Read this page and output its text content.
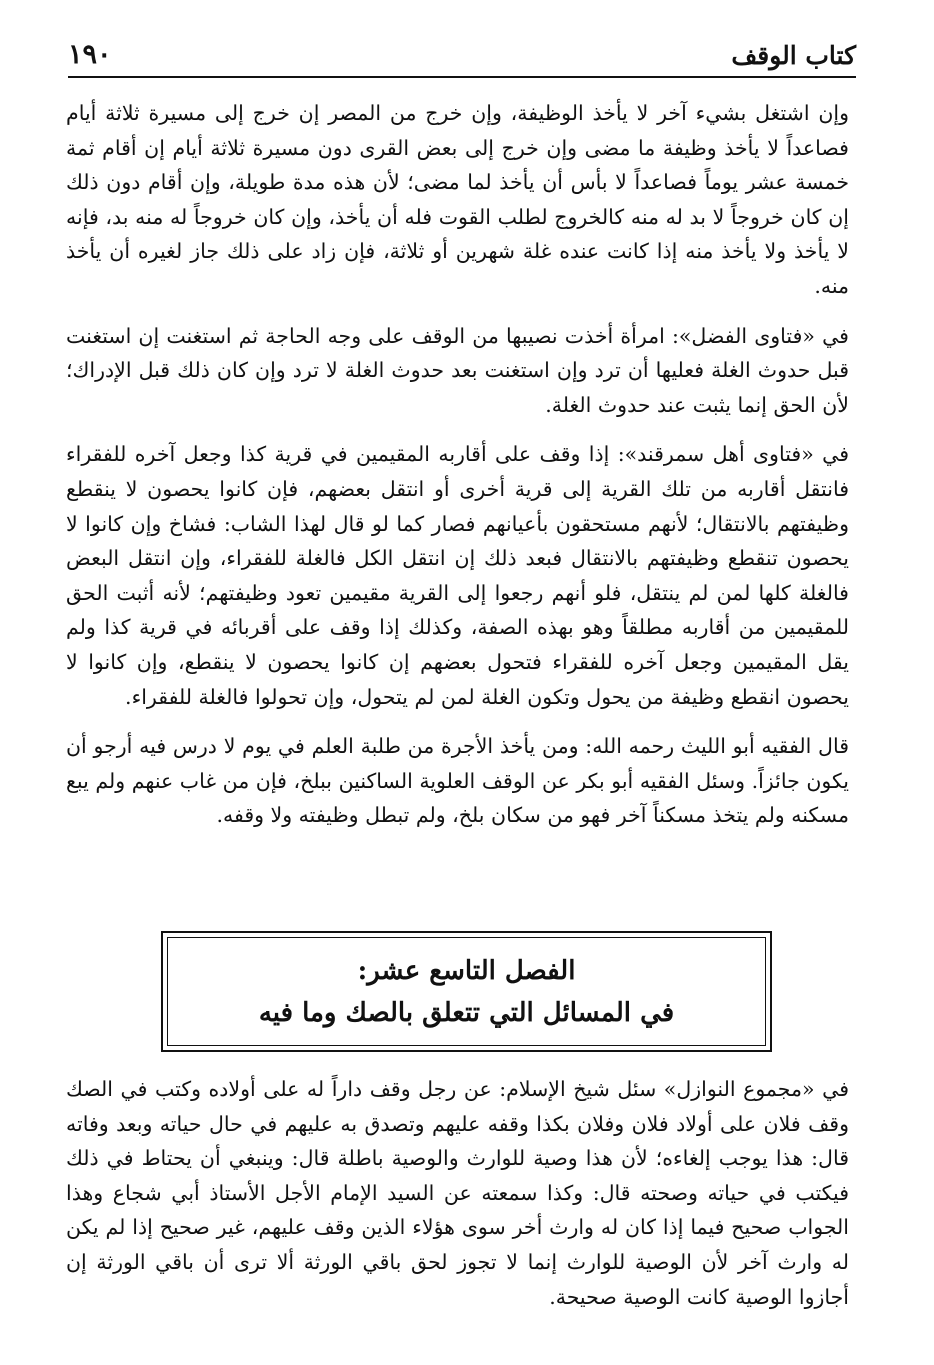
كتاب الوقف
١٩٠

وإن اشتغل بشيء آخر لا يأخذ الوظيفة، وإن خرج من المصر إن خرج إلى مسيرة ثلاثة أيام فصاعداً لا يأخذ وظيفة ما مضى وإن خرج إلى بعض القرى دون مسيرة ثلاثة أيام إن أقام ثمة خمسة عشر يوماً فصاعداً لا بأس أن يأخذ لما مضى؛ لأن هذه مدة طويلة، وإن أقام دون ذلك إن كان خروجاً لا بد له منه كالخروج لطلب القوت فله أن يأخذ، وإن كان خروجاً له منه بد، فإنه لا يأخذ ولا يأخذ منه إذا كانت عنده غلة شهرين أو ثلاثة، فإن زاد على ذلك جاز لغيره أن يأخذ منه.

في «فتاوى الفضل»: امرأة أخذت نصيبها من الوقف على وجه الحاجة ثم استغنت إن استغنت قبل حدوث الغلة فعليها أن ترد وإن استغنت بعد حدوث الغلة لا ترد وإن كان ذلك قبل الإدراك؛ لأن الحق إنما يثبت عند حدوث الغلة.

في «فتاوى أهل سمرقند»: إذا وقف على أقاربه المقيمين في قرية كذا وجعل آخره للفقراء فانتقل أقاربه من تلك القرية إلى قرية أخرى أو انتقل بعضهم، فإن كانوا يحصون لا ينقطع وظيفتهم بالانتقال؛ لأنهم مستحقون بأعيانهم فصار كما لو قال لهذا الشاب: فشاخ وإن كانوا لا يحصون تنقطع وظيفتهم بالانتقال فبعد ذلك إن انتقل الكل فالغلة للفقراء، وإن انتقل البعض فالغلة كلها لمن لم ينتقل، فلو أنهم رجعوا إلى القرية مقيمين تعود وظيفتهم؛ لأنه أثبت الحق للمقيمين من أقاربه مطلقاً وهو بهذه الصفة، وكذلك إذا وقف على أقربائه في قرية كذا ولم يقل المقيمين وجعل آخره للفقراء فتحول بعضهم إن كانوا يحصون لا ينقطع، وإن كانوا لا يحصون انقطع وظيفة من يحول وتكون الغلة لمن لم يتحول، وإن تحولوا فالغلة للفقراء.

قال الفقيه أبو الليث رحمه الله: ومن يأخذ الأجرة من طلبة العلم في يوم لا درس فيه أرجو أن يكون جائزاً. وسئل الفقيه أبو بكر عن الوقف العلوية الساكنين ببلخ، فإن من غاب عنهم ولم يبع مسكنه ولم يتخذ مسكناً آخر فهو من سكان بلخ، ولم تبطل وظيفته ولا وقفه.

الفصل التاسع عشر:
في المسائل التي تتعلق بالصك وما فيه

في «مجموع النوازل» سئل شيخ الإسلام: عن رجل وقف داراً له على أولاده وكتب في الصك وقف فلان على أولاد فلان وفلان بكذا وقفه عليهم وتصدق به عليهم في حال حياته وبعد وفاته قال: هذا يوجب إلغاءه؛ لأن هذا وصية للوارث والوصية باطلة قال: وينبغي أن يحتاط في ذلك فيكتب في حياته وصحته قال: وكذا سمعته عن السيد الإمام الأجل الأستاذ أبي شجاع وهذا الجواب صحيح فيما إذا كان له وارث أخر سوى هؤلاء الذين وقف عليهم، غير صحيح إذا لم يكن له وارث آخر لأن الوصية للوارث إنما لا تجوز لحق باقي الورثة ألا ترى أن باقي الورثة إن أجازوا الوصية كانت الوصية صحيحة.
